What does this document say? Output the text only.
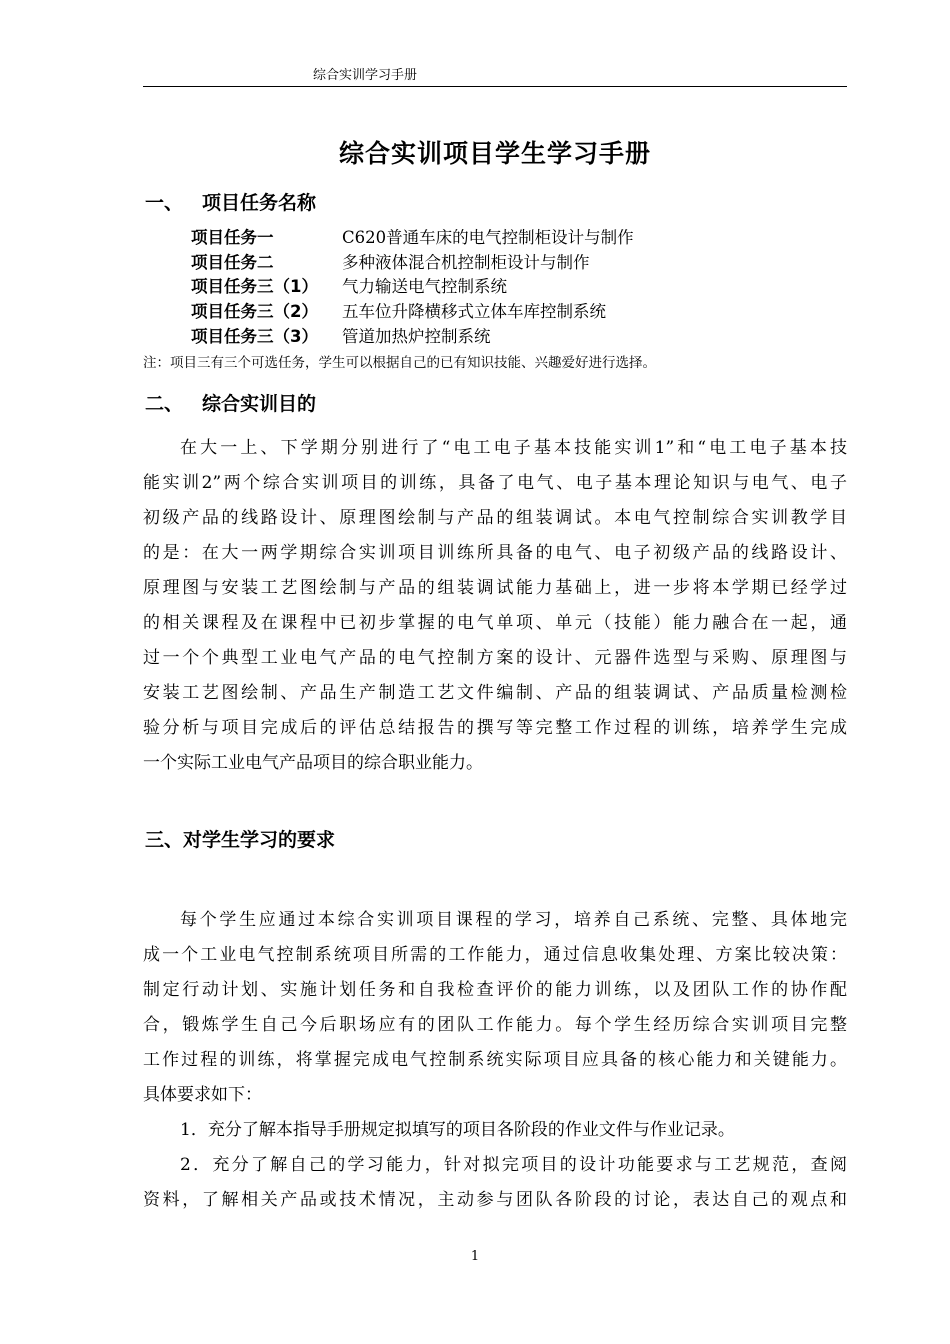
综合实训学习手册
综合实训项目学生学习手册
一、 项目任务名称
项目任务一	C620普通车床的电气控制柜设计与制作
项目任务二	多种液体混合机控制柜设计与制作
项目任务三（1） 气力输送电气控制系统
项目任务三（2） 五车位升降横移式立体车库控制系统
项目任务三（3） 管道加热炉控制系统
注：项目三有三个可选任务，学生可以根据自己的已有知识技能、兴趣爱好进行选择。
二、 综合实训目的
在大一上、下学期分别进行了“电工电子基本技能实训1”和“电工电子基本技
能实训2”两个综合实训项目的训练，具备了电气、电子基本理论知识与电气、电子
初级产品的线路设计、原理图绘制与产品的组装调试。本电气控制综合实训教学目
的是：在大一两学期综合实训项目训练所具备的电气、电子初级产品的线路设计、
原理图与安装工艺图绘制与产品的组装调试能力基础上，进一步将本学期已经学过
的相关课程及在课程中已初步掌握的电气单项、单元（技能）能力融合在一起，通
过一个个典型工业电气产品的电气控制方案的设计、元器件选型与采购、原理图与
安装工艺图绘制、产品生产制造工艺文件编制、产品的组装调试、产品质量检测检
验分析与项目完成后的评估总结报告的撰写等完整工作过程的训练，培养学生完成
一个实际工业电气产品项目的综合职业能力。
三、对学生学习的要求
每个学生应通过本综合实训项目课程的学习，培养自己系统、完整、具体地完
成一个工业电气控制系统项目所需的工作能力，通过信息收集处理、方案比较决策：
制定行动计划、实施计划任务和自我检查评价的能力训练，以及团队工作的协作配
合，锻炼学生自己今后职场应有的团队工作能力。每个学生经历综合实训项目完整
工作过程的训练，将掌握完成电气控制系统实际项目应具备的核心能力和关键能力。
具体要求如下：
1．充分了解本指导手册规定拟填写的项目各阶段的作业文件与作业记录。
2．充分了解自己的学习能力，针对拟完项目的设计功能要求与工艺规范，查阅
资料，了解相关产品或技术情况，主动参与团队各阶段的讨论，表达自己的观点和
1
